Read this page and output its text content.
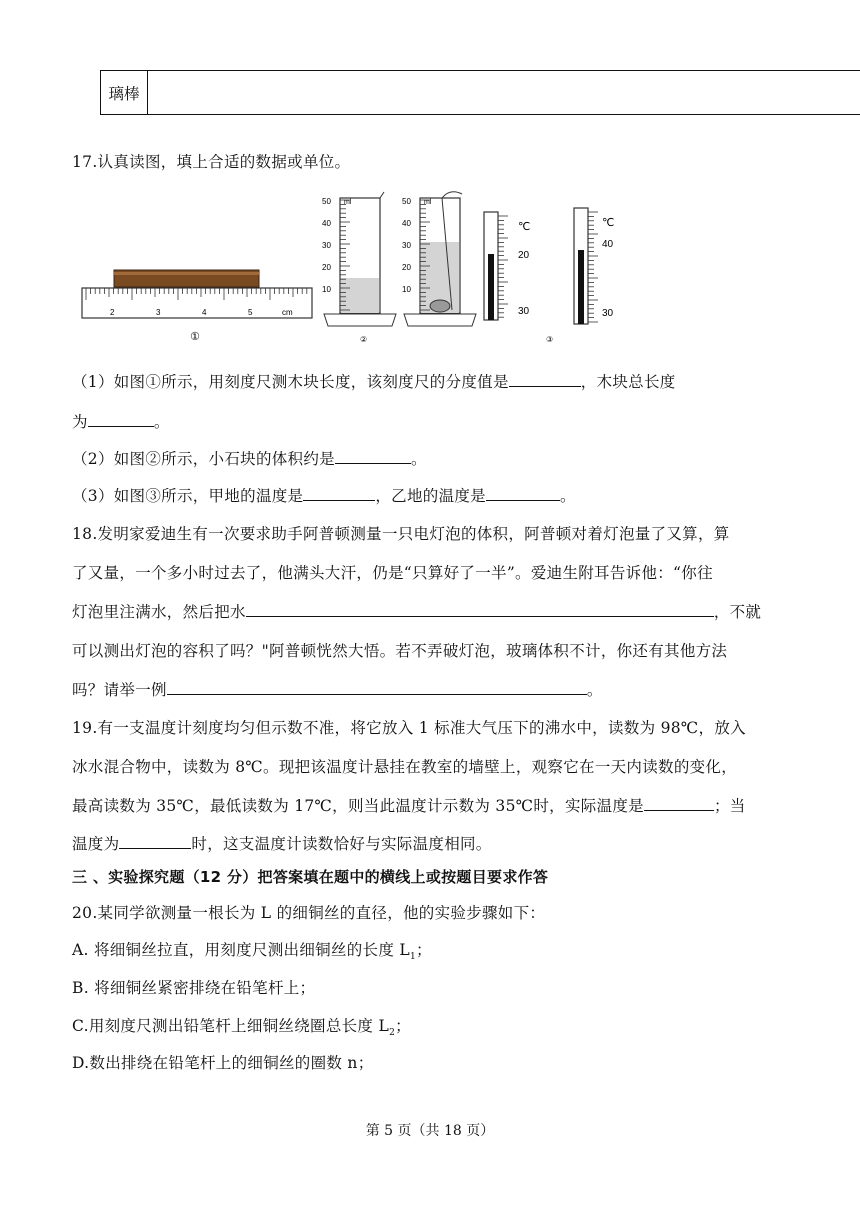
璃棒
17.认真读图，填上合适的数据或单位。
2	3	4	5	cm
①
50
40
30
20
10
ml
②
50
40
30
20
10
ml
℃
20
30
③
℃
40
30
（1）如图①所示，用刻度尺测木块长度，该刻度尺的分度值是	，木块总长度
为	。
（2）如图②所示，小石块的体积约是	。
（3）如图③所示，甲地的温度是	，乙地的温度是	。
18.发明家爱迪生有一次要求助手阿普顿测量一只电灯泡的体积，阿普顿对着灯泡量了又算，算
了又量，一个多小时过去了，他满头大汗，仍是“只算好了一半”。爱迪生附耳告诉他：“你往
灯泡里注满水，然后把水	，不就
可以测出灯泡的容积了吗？"阿普顿恍然大悟。若不弄破灯泡，玻璃体积不计，你还有其他方法
吗？请举一例	。
19.有一支温度计刻度均匀但示数不准，将它放入 1 标准大气压下的沸水中，读数为 98℃，放入
冰水混合物中，读数为 8℃。现把该温度计悬挂在教室的墙壁上，观察它在一天内读数的变化，
最高读数为 35℃，最低读数为 17℃，则当此温度计示数为 35℃时，实际温度是	；当
温度为	时，这支温度计读数恰好与实际温度相同。
三 、实验探究题（12 分）把答案填在题中的横线上或按题目要求作答
20.某同学欲测量一根长为 L 的细铜丝的直径，他的实验步骤如下：
A. 将细铜丝拉直，用刻度尺测出细铜丝的长度 $L_1$；
B. 将细铜丝紧密排绕在铅笔杆上；
C.用刻度尺测出铅笔杆上细铜丝绕圈总长度 $L_2$；
D.数出排绕在铅笔杆上的细铜丝的圈数 n；
第 5 页（共 18 页）
